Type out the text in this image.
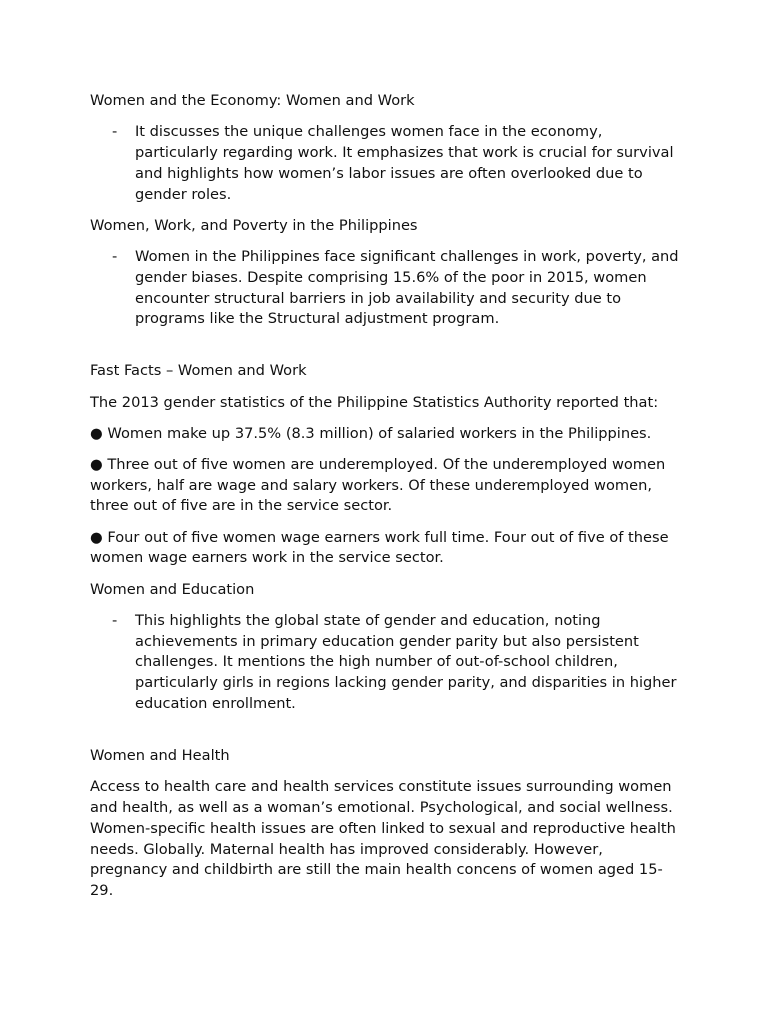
Women and the Economy: Women and Work
- It discusses the unique challenges women face in the economy, particularly regarding work. It emphasizes that work is crucial for survival and highlights how women’s labor issues are often overlooked due to gender roles.
Women, Work, and Poverty in the Philippines
- Women in the Philippines face significant challenges in work, poverty, and gender biases. Despite comprising 15.6% of the poor in 2015, women encounter structural barriers in job availability and security due to programs like the Structural adjustment program.
Fast Facts – Women and Work
The 2013 gender statistics of the Philippine Statistics Authority reported that:
● Women make up 37.5% (8.3 million) of salaried workers in the Philippines.
● Three out of five women are underemployed. Of the underemployed women workers, half are wage and salary workers. Of these underemployed women, three out of five are in the service sector.
● Four out of five women wage earners work full time. Four out of five of these women wage earners work in the service sector.
Women and Education
- This highlights the global state of gender and education, noting achievements in primary education gender parity but also persistent challenges. It mentions the high number of out-of-school children, particularly girls in regions lacking gender parity, and disparities in higher education enrollment.
Women and Health
Access to health care and health services constitute issues surrounding women and health, as well as a woman’s emotional. Psychological, and social wellness. Women-specific health issues are often linked to sexual and reproductive health needs. Globally. Maternal health has improved considerably. However, pregnancy and childbirth are still the main health concens of women aged 15-29.
